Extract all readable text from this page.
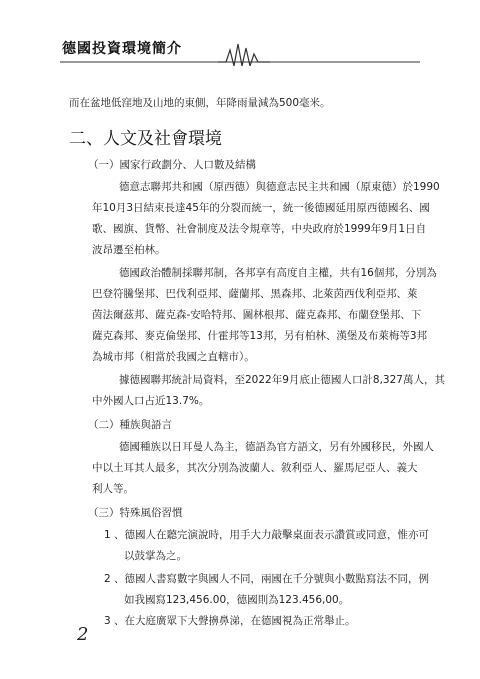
德國投資環境簡介
而在盆地低窪地及山地的東側，年降雨量減為500毫米。
二、人文及社會環境
（一）國家行政劃分、人口數及結構
德意志聯邦共和國（原西德）與德意志民主共和國（原東德）於1990
年10月3日結束長達45年的分裂而統一，統一後德國延用原西德國名、國
歌、國旗、貨幣、社會制度及法令規章等，中央政府於1999年9月1日自
波昂遷至柏林。
德國政治體制採聯邦制，各邦享有高度自主權，共有16個邦，分別為
巴登符騰堡邦、巴伐利亞邦、薩蘭邦、黑森邦、北萊茵西伐利亞邦、萊
茵法爾茲邦、薩克森-安哈特邦、圖林根邦、薩克森邦、布蘭登堡邦、下
薩克森邦、麥克倫堡邦、什霍邦等13邦，另有柏林、漢堡及布萊梅等3邦
為城市邦（相當於我國之直轄市）。
據德國聯邦統計局資料，至2022年9月底止德國人口計8,327萬人，其
中外國人口占近13.7%。
（二）種族與語言
德國種族以日耳曼人為主，德語為官方語文，另有外國移民，外國人
中以土耳其人最多，其次分別為波蘭人、敘利亞人、羅馬尼亞人、義大
利人等。
（三）特殊風俗習慣
1 、德國人在聽完演說時，用手大力敲擊桌面表示讚賞或同意，惟亦可
以鼓掌為之。
2 、德國人書寫數字與國人不同，兩國在千分號與小數點寫法不同，例
如我國寫123,456.00，德國則為123.456,00。
3 、在大庭廣眾下大聲擤鼻涕，在德國視為正常舉止。
2
